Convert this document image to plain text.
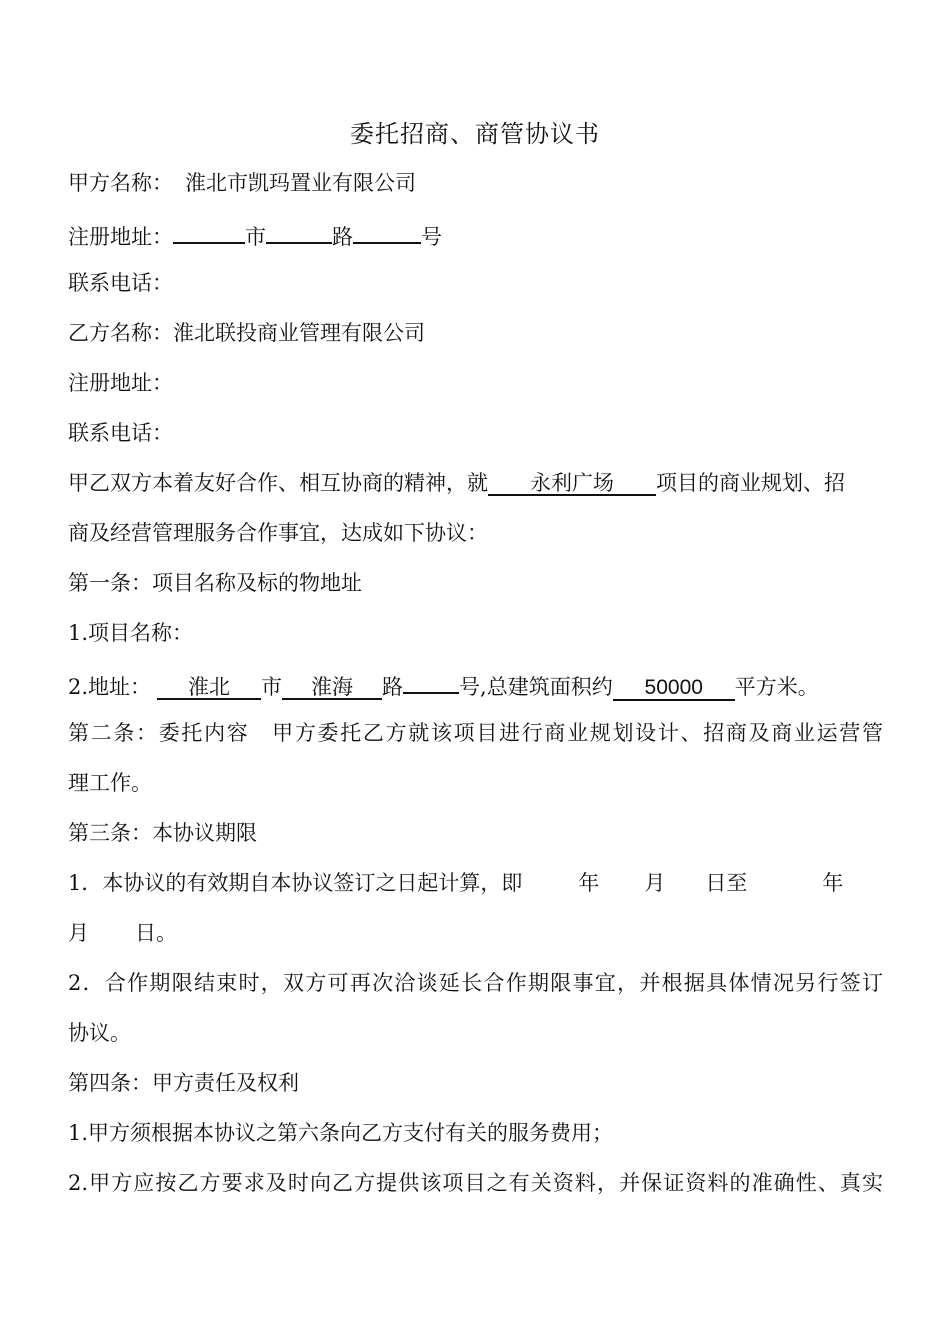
委托招商、商管协议书
甲方名称： 淮北市凯玛置业有限公司
注册地址：	市	路	号
联系电话：
乙方名称：淮北联投商业管理有限公司
注册地址：
联系电话：
甲乙双方本着友好合作、相互协商的精神，就 永利广场 项目的商业规划、招
商及经营管理服务合作事宜，达成如下协议：
第一条：项目名称及标的物地址
1.项目名称：
2.地址： 淮北 市 淮海 路	号,总建筑面积约 50000 平方米。
第二条：委托内容　甲方委托乙方就该项目进行商业规划设计、招商及商业运营管
理工作。
第三条：本协议期限
1．本协议的有效期自本协议签订之日起计算，即	年 月 日至	年
月 日。
2．合作期限结束时，双方可再次洽谈延长合作期限事宜，并根据具体情况另行签订
协议。
第四条：甲方责任及权利
1.甲方须根据本协议之第六条向乙方支付有关的服务费用；
2.甲方应按乙方要求及时向乙方提供该项目之有关资料，并保证资料的准确性、真实
